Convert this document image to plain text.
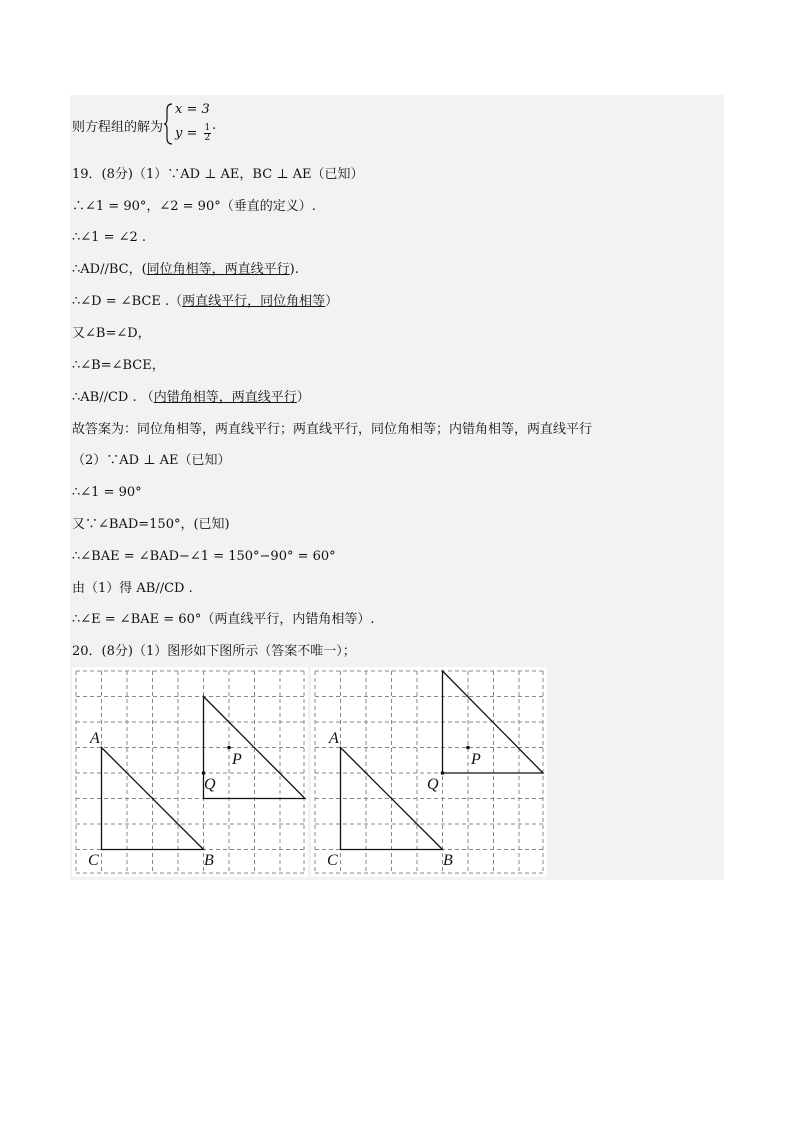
则方程组的解为
x = 3
$y = \frac{1}{2}$ .
19．(8分)（1）∵AD ⊥ AE，BC ⊥ AE（已知）
∴∠1 = 90°，∠2 = 90°（垂直的定义）.
∴∠1 = ∠2 .
∴AD//BC，(同位角相等，两直线平行).
∴∠D = ∠BCE .（两直线平行，同位角相等）
又∠B=∠D，
∴∠B=∠BCE，
∴AB//CD . （内错角相等，两直线平行）
故答案为：同位角相等，两直线平行；两直线平行，同位角相等；内错角相等，两直线平行
（2）∵AD ⊥ AE（已知）
∴∠1 = 90°
又∵∠BAD=150°，(已知)
∴∠BAE = ∠BAD−∠1 = 150°−90° = 60°
由（1）得 AB//CD .
∴∠E = ∠BAE = 60°（两直线平行，内错角相等）.
20．(8分)（1）图形如下图所示（答案不唯一）；
A
C	B
P
Q
A
C	B
P
Q
